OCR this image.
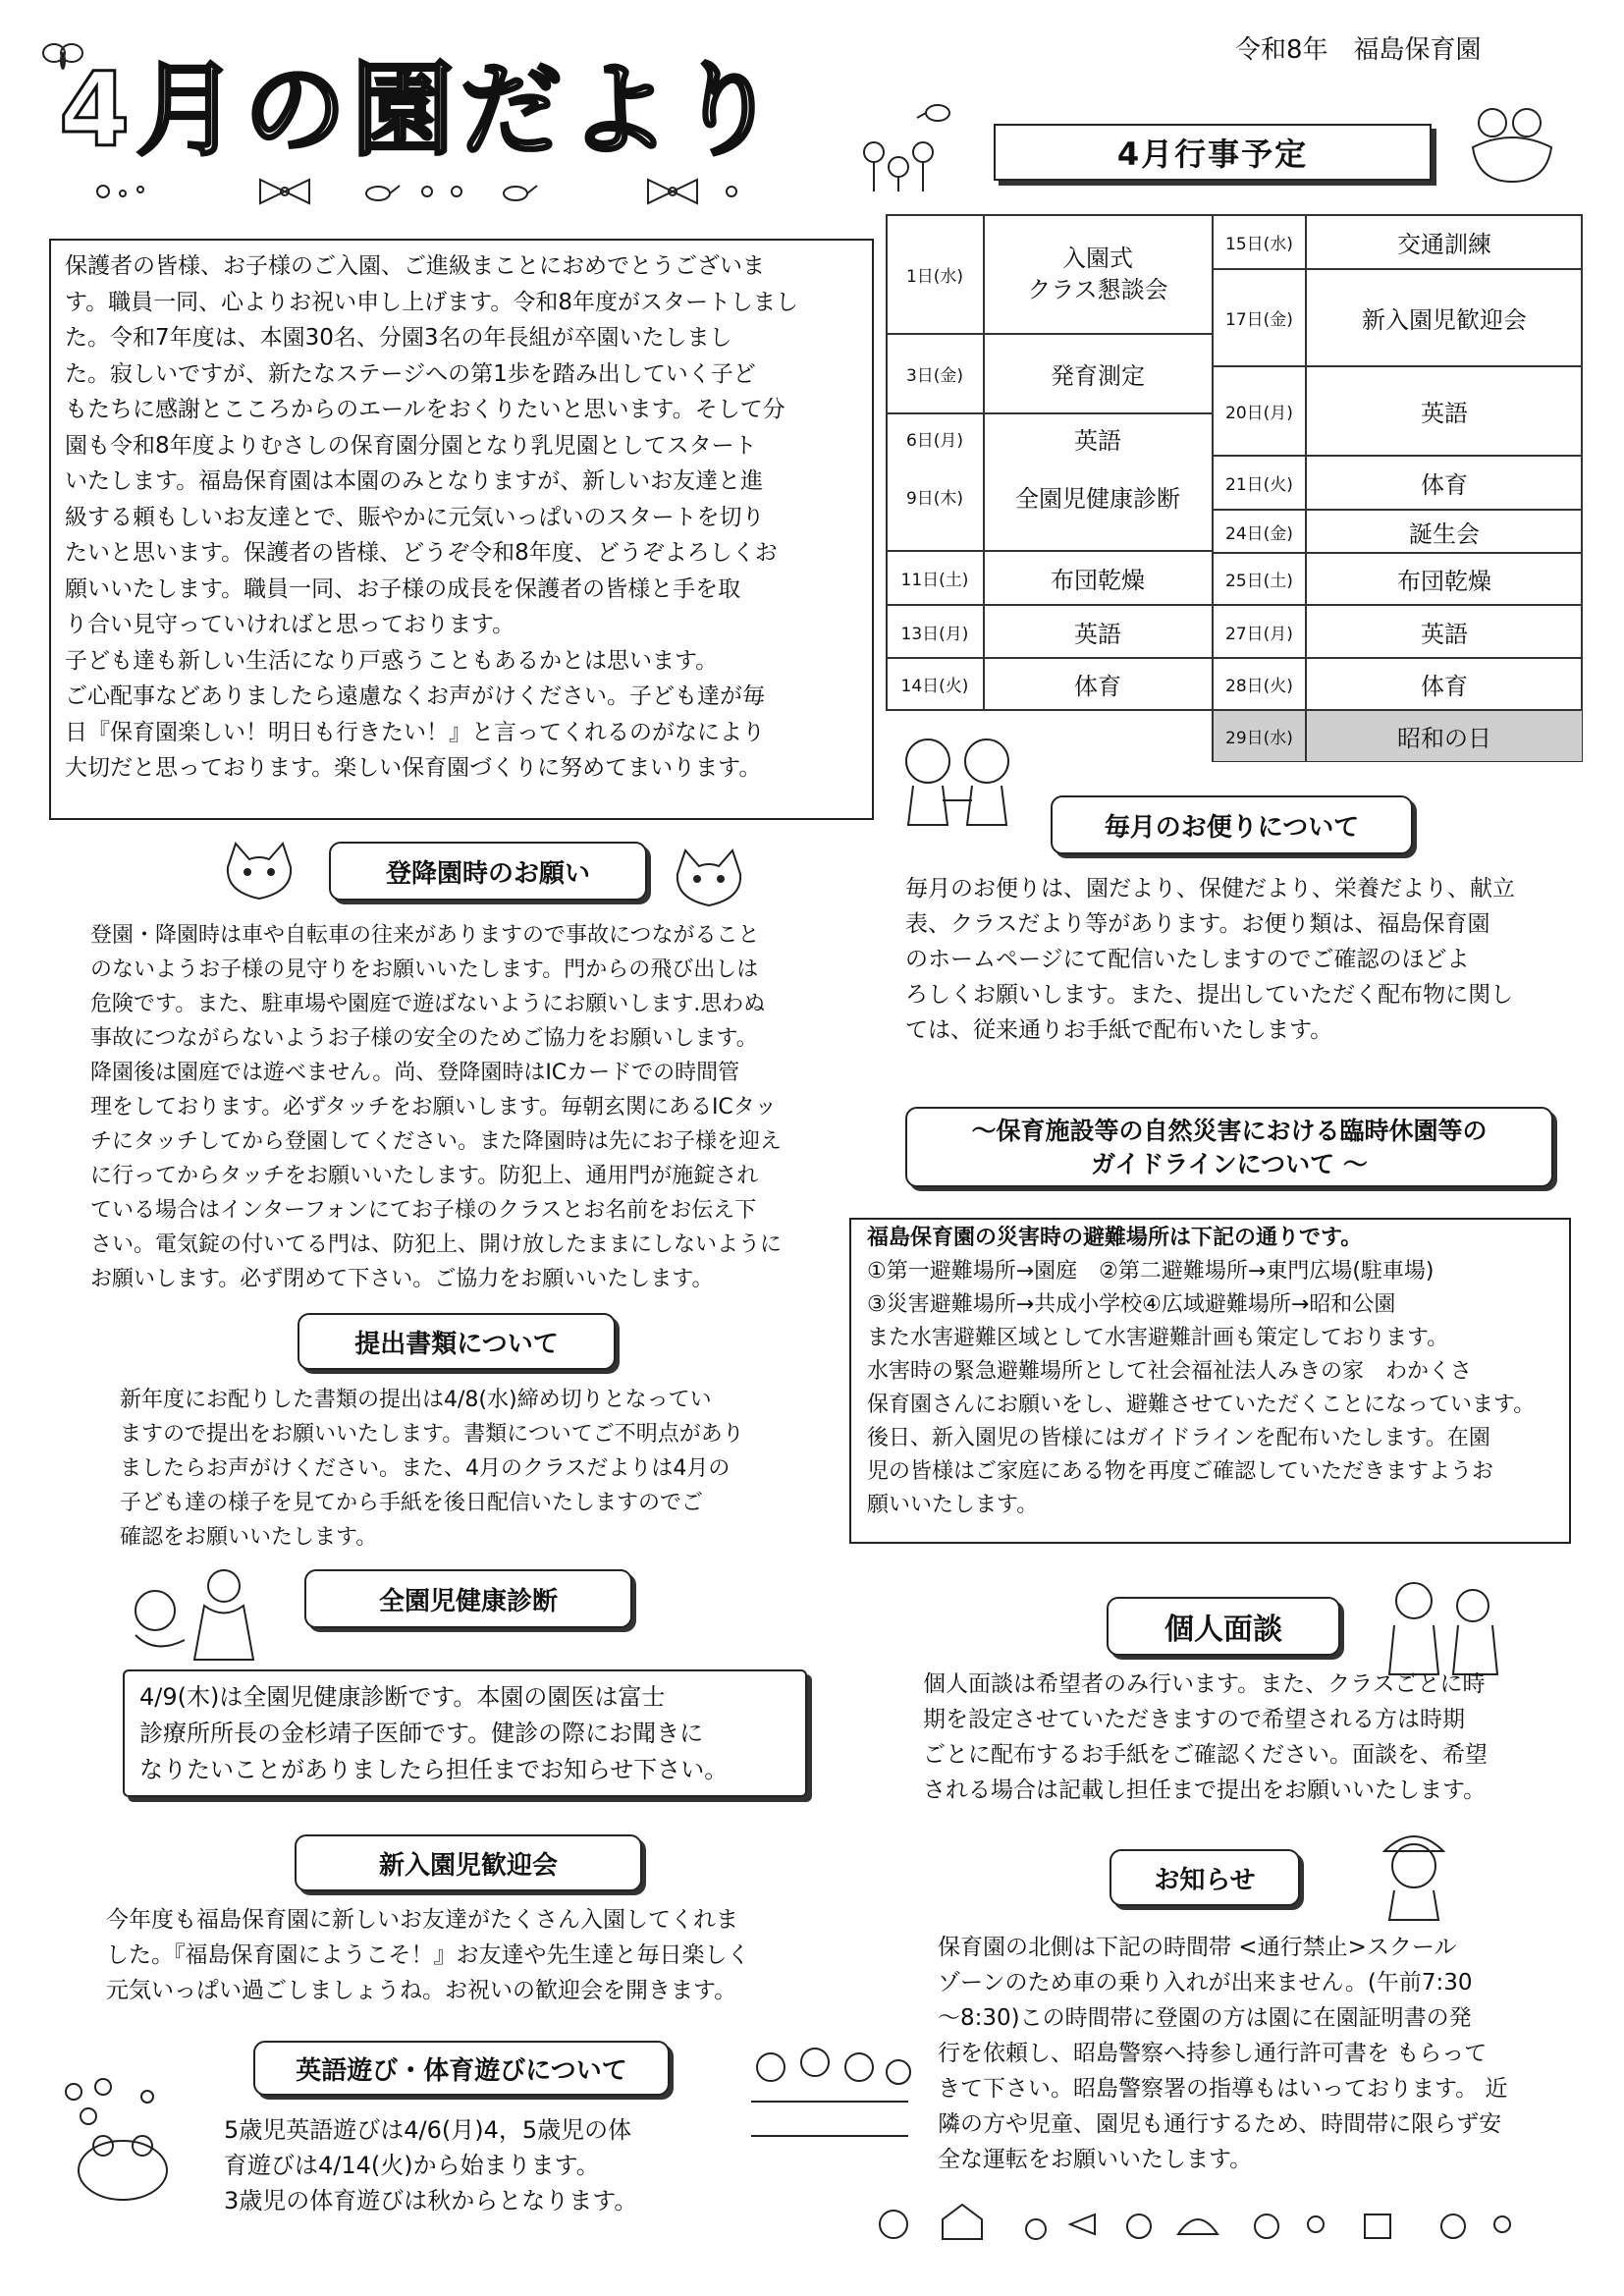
令和8年　福島保育園
4月の園だより	4月行事予定
1日(水)
入園式
クラス懇談会
3日(金)	発育測定
6日(月)	英語
9日(木)	全園児健康診断
11日(土)	布団乾燥
13日(月)	英語
14日(火)	体育
15日(水)	交通訓練
17日(金)	新入園児歓迎会
20日(月)	英語
21日(火)	体育
24日(金)	誕生会
25日(土)	布団乾燥
27日(月)	英語
28日(火)	体育
29日(水)	昭和の日

保護者の皆様、お子様のご入園、ご進級まことにおめでとうございま

す。職員一同、心よりお祝い申し上げます。令和8年度がスタートしまし

た。令和7年度は、本園30名、分園3名の年長組が卒園いたしまし

た。寂しいですが、新たなステージへの第1歩を踏み出していく子ど

もたちに感謝とこころからのエールをおくりたいと思います。そして分

園も令和8年度よりむさしの保育園分園となり乳児園としてスタート

いたします。福島保育園は本園のみとなりますが、新しいお友達と進

級する頼もしいお友達とで、賑やかに元気いっぱいのスタートを切り

たいと思います。保護者の皆様、どうぞ令和8年度、どうぞよろしくお

願いいたします。職員一同、お子様の成長を保護者の皆様と手を取

り合い見守っていければと思っております。

子ども達も新しい生活になり戸惑うこともあるかとは思います。

ご心配事などありましたら遠慮なくお声がけください。子ども達が毎

日『保育園楽しい！明日も行きたい！』と言ってくれるのがなにより

大切だと思っております。楽しい保育園づくりに努めてまいります。

登降園時のお願い

登園・降園時は車や自転車の往来がありますので事故につながること

のないようお子様の見守りをお願いいたします。門からの飛び出しは

危険です。また、駐車場や園庭で遊ばないようにお願いします.思わぬ

事故につながらないようお子様の安全のためご協力をお願いします。

降園後は園庭では遊べません。尚、登降園時はICカードでの時間管

理をしております。必ずタッチをお願いします。毎朝玄関にあるICタッ

チにタッチしてから登園してください。また降園時は先にお子様を迎え

に行ってからタッチをお願いいたします。防犯上、通用門が施錠され

ている場合はインターフォンにてお子様のクラスとお名前をお伝え下

さい。電気錠の付いてる門は、防犯上、開け放したままにしないように

お願いします。必ず閉めて下さい。ご協力をお願いいたします。

提出書類について

新年度にお配りした書類の提出は4/8(水)締め切りとなってい

ますので提出をお願いいたします。書類についてご不明点があり

ましたらお声がけください。また、4月のクラスだよりは4月の

子ども達の様子を見てから手紙を後日配信いたしますのでご

確認をお願いいたします。

全園児健康診断

4/9(木)は全園児健康診断です。本園の園医は富士

診療所所長の金杉靖子医師です。健診の際にお聞きに

なりたいことがありましたら担任までお知らせ下さい。

新入園児歓迎会

今年度も福島保育園に新しいお友達がたくさん入園してくれま

した。『福島保育園にようこそ！』お友達や先生達と毎日楽しく

元気いっぱい過ごしましょうね。お祝いの歓迎会を開きます。

英語遊び・体育遊びについて

5歳児英語遊びは4/6(月)4，5歳児の体

育遊びは4/14(火)から始まります。

3歳児の体育遊びは秋からとなります。

毎月のお便りについて

毎月のお便りは、園だより、保健だより、栄養だより、献立

表、クラスだより等があります。お便り類は、福島保育園

のホームページにて配信いたしますのでご確認のほどよ

ろしくお願いします。また、提出していただく配布物に関し

ては、従来通りお手紙で配布いたします。

～保育施設等の自然災害における臨時休園等の
ガイドラインについて ～

福島保育園の災害時の避難場所は下記の通りです。

①第一避難場所→園庭　②第二避難場所→東門広場(駐車場)

③災害避難場所→共成小学校④広域避難場所→昭和公園

また水害避難区域として水害避難計画も策定しております。

水害時の緊急避難場所として社会福祉法人みきの家　わかくさ

保育園さんにお願いをし、避難させていただくことになっています。

後日、新入園児の皆様にはガイドラインを配布いたします。在園

児の皆様はご家庭にある物を再度ご確認していただきますようお

願いいたします。

個人面談

個人面談は希望者のみ行います。また、クラスごとに時

期を設定させていただきますので希望される方は時期

ごとに配布するお手紙をご確認ください。面談を、希望

される場合は記載し担任まで提出をお願いいたします。

お知らせ

保育園の北側は下記の時間帯 <通行禁止>スクール

ゾーンのため車の乗り入れが出来ません。(午前7:30

～8:30)この時間帯に登園の方は園に在園証明書の発

行を依頼し、昭島警察へ持参し通行許可書を もらって

きて下さい。昭島警察署の指導もはいっております。 近

隣の方や児童、園児も通行するため、時間帯に限らず安

全な運転をお願いいたします。
